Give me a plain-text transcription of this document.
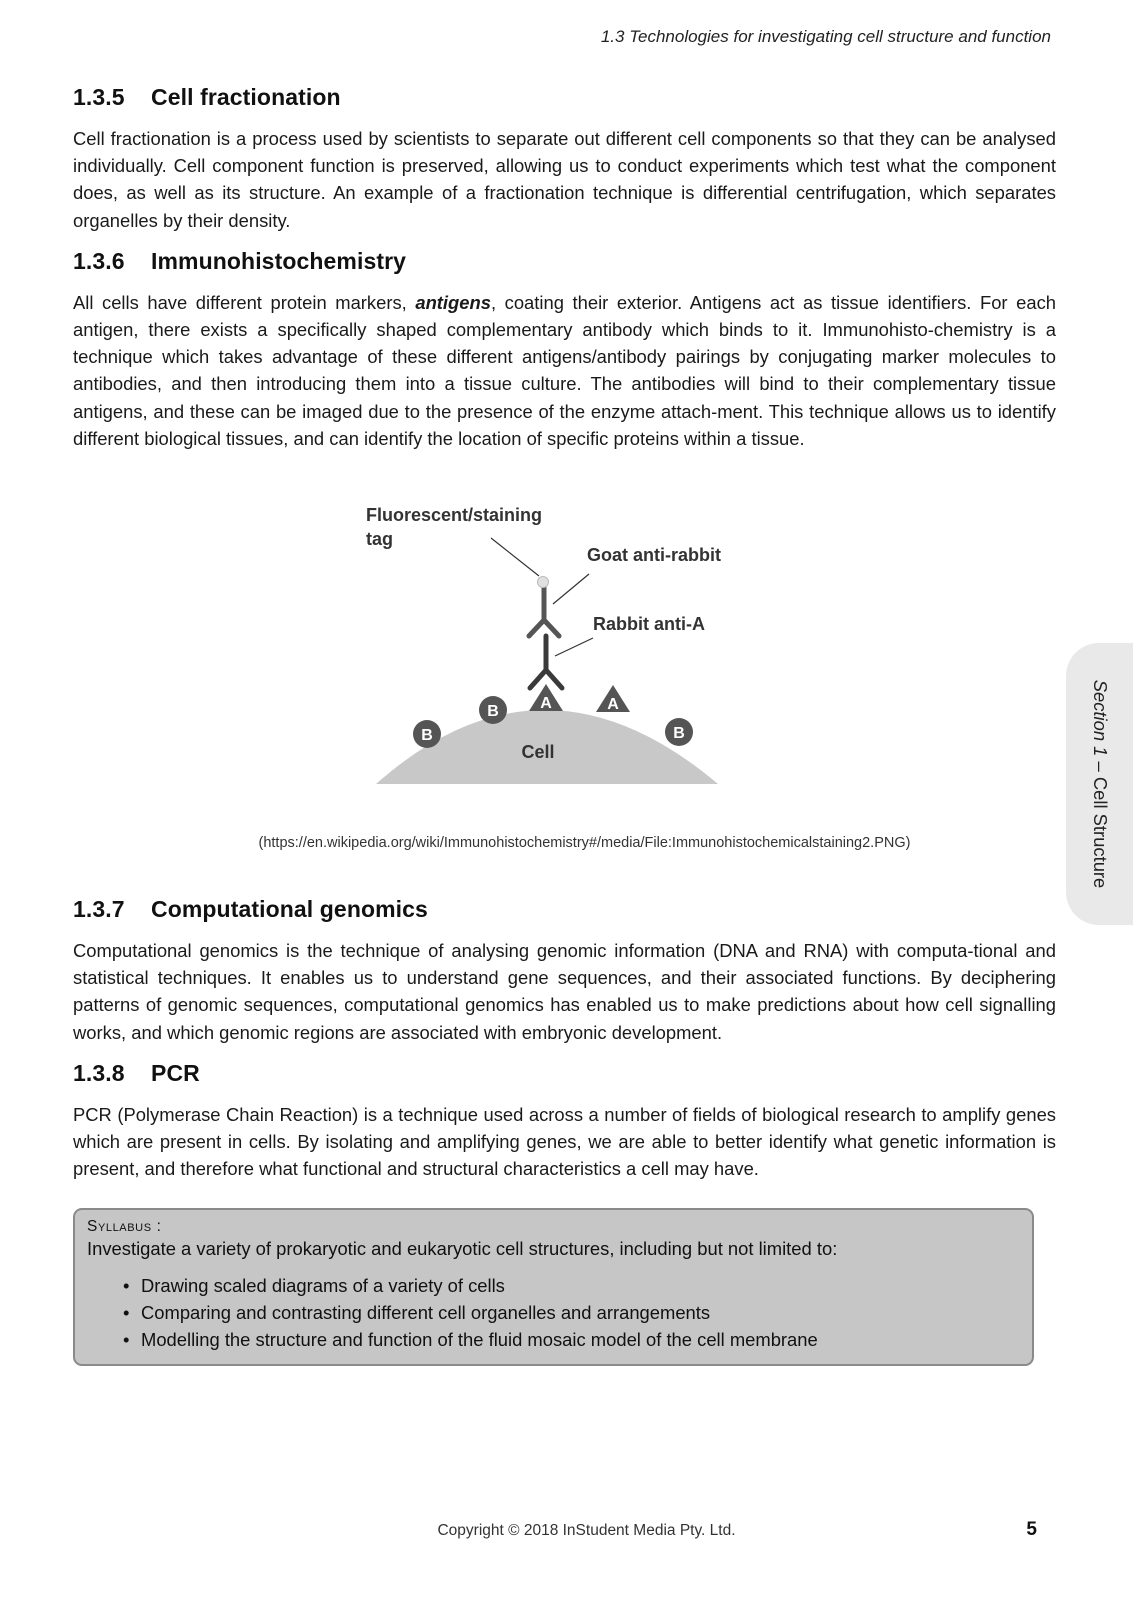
1.3 Technologies for investigating cell structure and function
1.3.5 Cell fractionation

Cell fractionation is a process used by scientists to separate out different cell components so that they can be analysed individually. Cell component function is preserved, allowing us to conduct experiments which test what the component does, as well as its structure. An example of a fractionation technique is differential centrifugation, which separates organelles by their density.

1.3.6 Immunohistochemistry

All cells have different protein markers, antigens, coating their exterior. Antigens act as tissue identifiers. For each antigen, there exists a specifically shaped complementary antibody which binds to it. Immunohisto-chemistry is a technique which takes advantage of these different antigens/antibody pairings by conjugating marker molecules to antibodies, and then introducing them into a tissue culture. The antibodies will bind to their complementary tissue antigens, and these can be imaged due to the presence of the enzyme attach-ment. This technique allows us to identify different biological tissues, and can identify the location of specific proteins within a tissue.

Cell
B
B
B
A	A
Fluorescent/staining
tag
Goat anti-rabbit
Rabbit anti-A
(https://en.wikipedia.org/wiki/Immunohistochemistry#/media/File:Immunohistochemicalstaining2.PNG)
1.3.7 Computational genomics

Computational genomics is the technique of analysing genomic information (DNA and RNA) with computa-tional and statistical techniques. It enables us to understand gene sequences, and their associated functions. By deciphering patterns of genomic sequences, computational genomics has enabled us to make predictions about how cell signalling works, and which genomic regions are associated with embryonic development.

1.3.8 PCR

PCR (Polymerase Chain Reaction) is a technique used across a number of fields of biological research to amplify genes which are present in cells. By isolating and amplifying genes, we are able to better identify what genetic information is present, and therefore what functional and structural characteristics a cell may have.

Syllabus :
Investigate a variety of prokaryotic and eukaryotic cell structures, including but not limited to:
• Drawing scaled diagrams of a variety of cells
• Comparing and contrasting different cell organelles and arrangements
• Modelling the structure and function of the fluid mosaic model of the cell membrane
Section 1 – Cell Structure
Copyright © 2018 InStudent Media Pty. Ltd.	5
